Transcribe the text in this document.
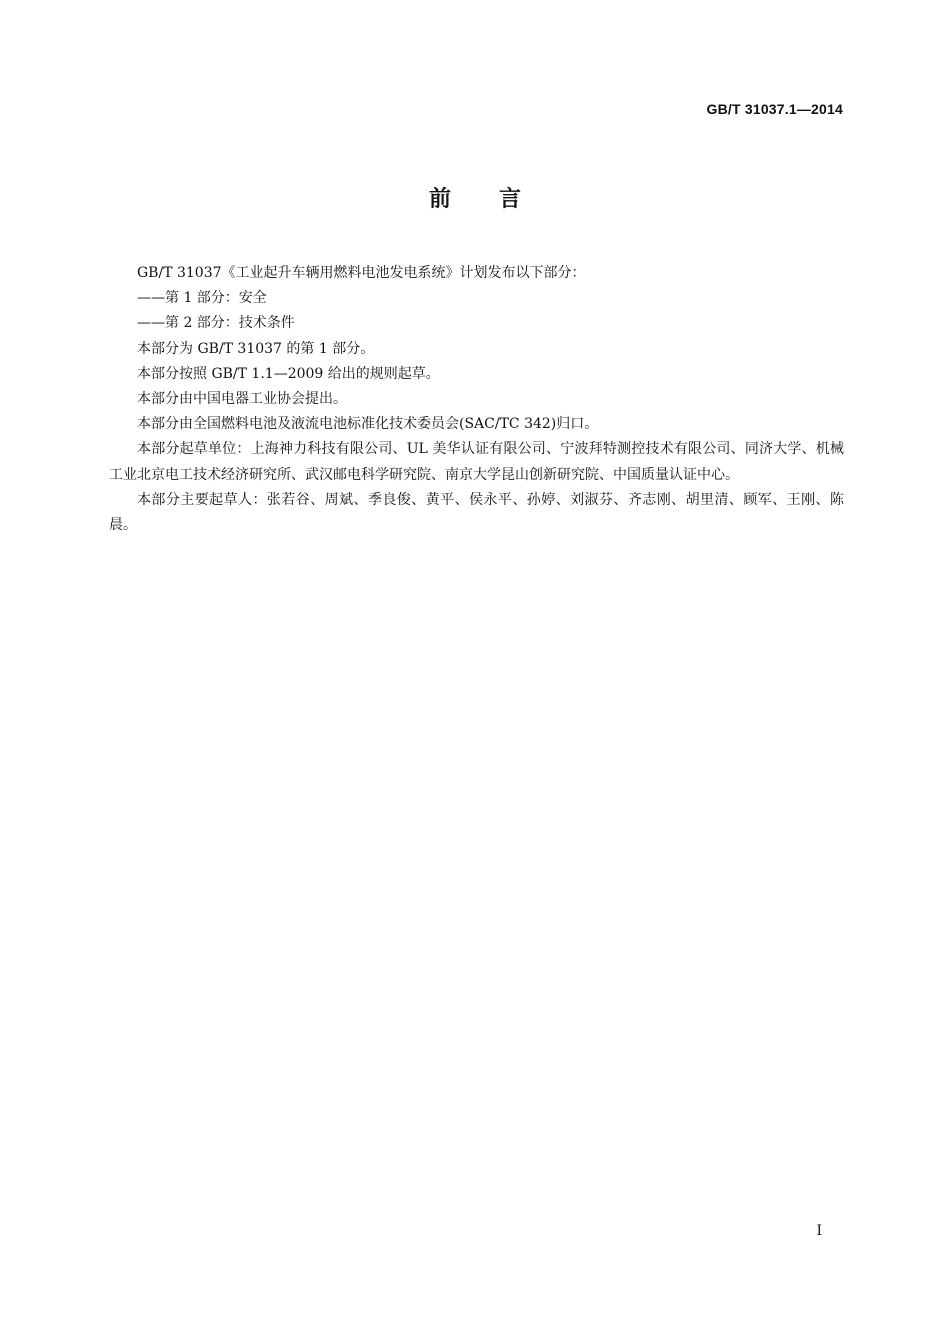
GB/T 31037.1—2014
前言

GB/T 31037《工业起升车辆用燃料电池发电系统》计划发布以下部分：

——第 1 部分：安全

——第 2 部分：技术条件

本部分为 GB/T 31037 的第 1 部分。

本部分按照 GB/T 1.1—2009 给出的规则起草。

本部分由中国电器工业协会提出。

本部分由全国燃料电池及液流电池标准化技术委员会(SAC/TC 342)归口。

本部分起草单位：上海神力科技有限公司、UL 美华认证有限公司、宁波拜特测控技术有限公司、同济大学、机械工业北京电工技术经济研究所、武汉邮电科学研究院、南京大学昆山创新研究院、中国质量认证中心。

本部分主要起草人：张若谷、周斌、季良俊、黄平、侯永平、孙婷、刘淑芬、齐志刚、胡里清、顾军、王刚、陈晨。

I
